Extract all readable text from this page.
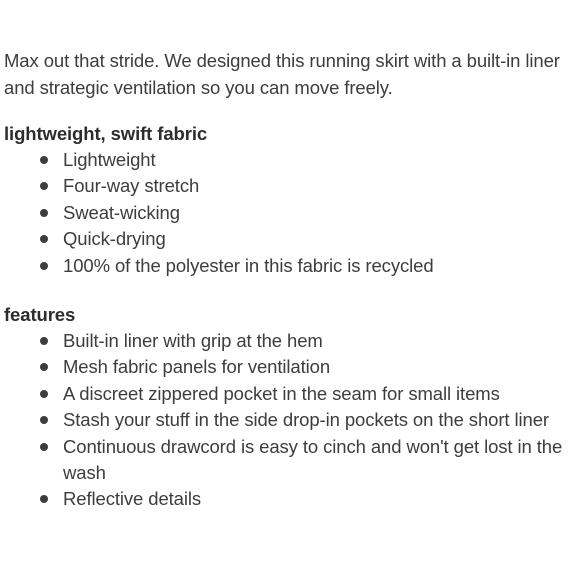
Max out that stride. We designed this running skirt with a built-in liner and strategic ventilation so you can move freely.

lightweight, swift fabric
Lightweight
Four-way stretch
Sweat-wicking
Quick-drying
100% of the polyester in this fabric is recycled
features
Built-in liner with grip at the hem
Mesh fabric panels for ventilation
A discreet zippered pocket in the seam for small items
Stash your stuff in the side drop-in pockets on the short liner
Continuous drawcord is easy to cinch and won't get lost in the wash
Reflective details
